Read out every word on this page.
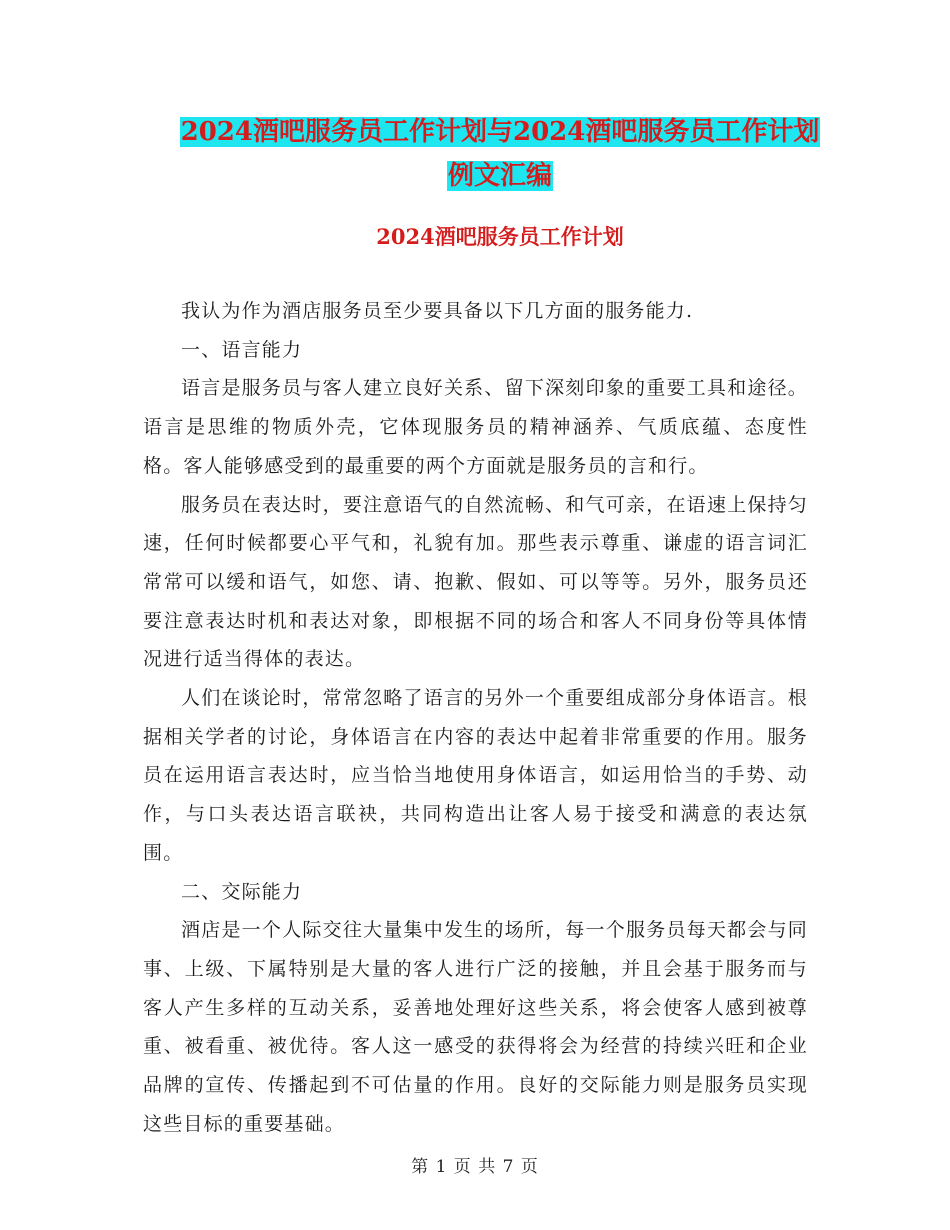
2024酒吧服务员工作计划与2024酒吧服务员工作计划
例文汇编
2024酒吧服务员工作计划

我认为作为酒店服务员至少要具备以下几方面的服务能力.

一、语言能力

语言是服务员与客人建立良好关系、留下深刻印象的重要工具和途径。语言是思维的物质外壳，它体现服务员的精神涵养、气质底蕴、态度性格。客人能够感受到的最重要的两个方面就是服务员的言和行。

服务员在表达时，要注意语气的自然流畅、和气可亲，在语速上保持匀速，任何时候都要心平气和，礼貌有加。那些表示尊重、谦虚的语言词汇常常可以缓和语气，如您、请、抱歉、假如、可以等等。另外，服务员还要注意表达时机和表达对象，即根据不同的场合和客人不同身份等具体情况进行适当得体的表达。

人们在谈论时，常常忽略了语言的另外一个重要组成部分身体语言。根据相关学者的讨论，身体语言在内容的表达中起着非常重要的作用。服务员在运用语言表达时，应当恰当地使用身体语言，如运用恰当的手势、动作，与口头表达语言联袂，共同构造出让客人易于接受和满意的表达氛围。

二、交际能力

酒店是一个人际交往大量集中发生的场所，每一个服务员每天都会与同事、上级、下属特别是大量的客人进行广泛的接触，并且会基于服务而与客人产生多样的互动关系，妥善地处理好这些关系，将会使客人感到被尊重、被看重、被优待。客人这一感受的获得将会为经营的持续兴旺和企业品牌的宣传、传播起到不可估量的作用。良好的交际能力则是服务员实现这些目标的重要基础。

第 1 页 共 7 页
